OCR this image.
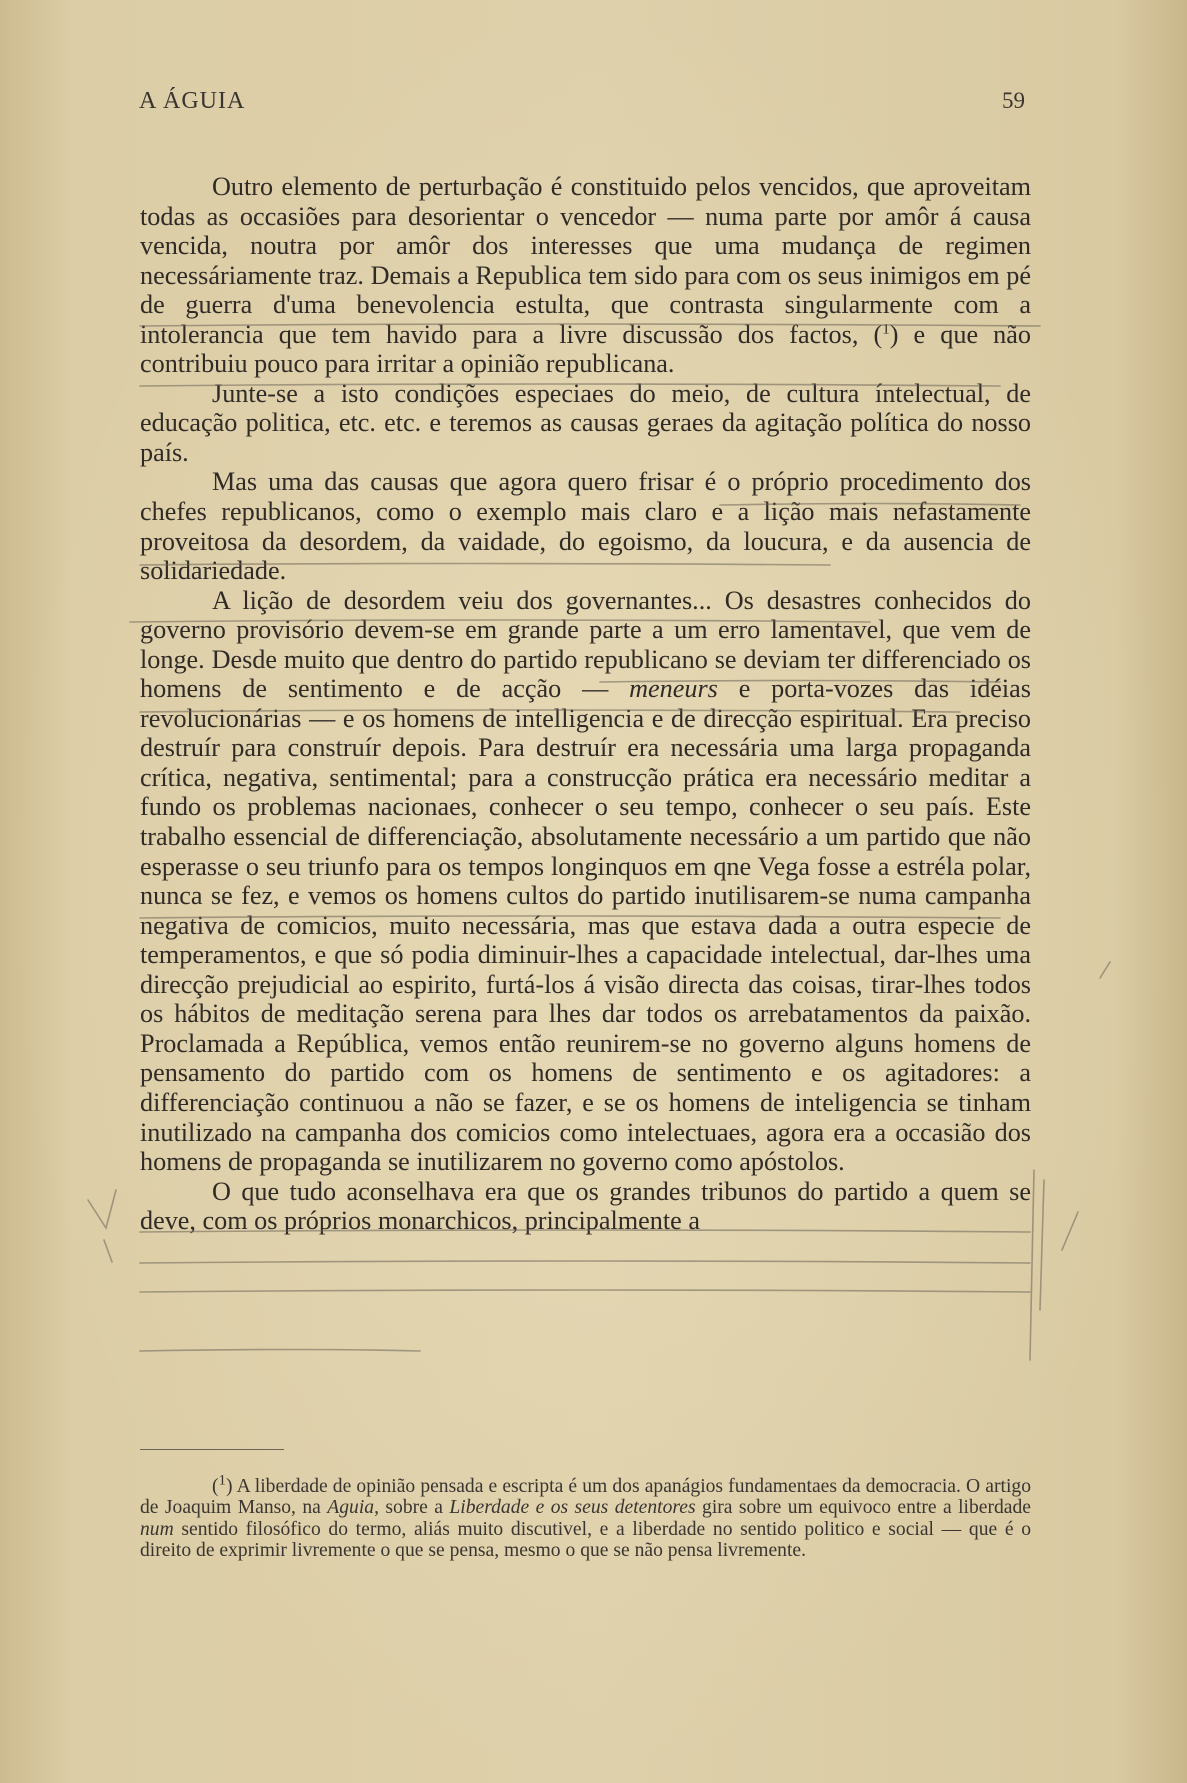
A ÁGUIA	59

Outro elemento de perturbação é constituido pelos vencidos, que aproveitam todas as occasiões para desorientar o vencedor — numa parte por amôr á causa vencida, noutra por amôr dos interesses que uma mudança de regimen necessáriamente traz. Demais a Republica tem sido para com os seus inimigos em pé de guerra d'uma benevolencia estulta, que contrasta singularmente com a intolerancia que tem havido para a livre discussão dos factos, ($^1$) e que não contribuiu pouco para irritar a opinião republicana.

Junte-se a isto condições especiaes do meio, de cultura íntelectual, de educação politica, etc. etc. e teremos as causas geraes da agitação política do nosso país.

Mas uma das causas que agora quero frisar é o próprio procedimento dos chefes republicanos, como o exemplo mais claro e a lição mais nefastamente proveitosa da desordem, da vaidade, do egoismo, da loucura, e da ausencia de solidariedade.

A lição de desordem veiu dos governantes... Os desastres conhecidos do governo provisório devem-se em grande parte a um erro lamentavel, que vem de longe. Desde muito que dentro do partido republicano se deviam ter differenciado os homens de sentimento e de acção — meneurs e porta-vozes das idéias revolucionárias — e os homens de intelligencia e de direcção espiritual. Era preciso destruír para construír depois. Para destruír era necessária uma larga propaganda crítica, negativa, sentimental; para a construcção prática era necessário meditar a fundo os problemas nacionaes, conhecer o seu tempo, conhecer o seu país. Este trabalho essencial de differenciação, absolutamente necessário a um partido que não esperasse o seu triunfo para os tempos longinquos em qne Vega fosse a estréla polar, nunca se fez, e vemos os homens cultos do partido inutilisarem-se numa campanha negativa de comicios, muito necessária, mas que estava dada a outra especie de temperamentos, e que só podia diminuir-lhes a capacidade intelectual, dar-lhes uma direcção prejudicial ao espirito, furtá-los á visão directa das coisas, tirar-lhes todos os hábitos de meditação serena para lhes dar todos os arrebatamentos da paixão. Proclamada a República, vemos então reunirem-se no governo alguns homens de pensamento do partido com os homens de sentimento e os agitadores: a differenciação continuou a não se fazer, e se os homens de inteligencia se tinham inutilizado na campanha dos comicios como intelectuaes, agora era a occasião dos homens de propaganda se inutilizarem no governo como apóstolos.

O que tudo aconselhava era que os grandes tribunos do partido a quem se deve, com os próprios monarchicos, principalmente a

($^1$) A liberdade de opinião pensada e escripta é um dos apanágios fundamentaes da democracia. O artigo de Joaquim Manso, na Aguia, sobre a Liberdade e os seus detentores gira sobre um equivoco entre a liberdade num sentido filosófico do termo, aliás muito discutivel, e a liberdade no sentido politico e social — que é o direito de exprimir livremente o que se pensa, mesmo o que se não pensa livremente.
